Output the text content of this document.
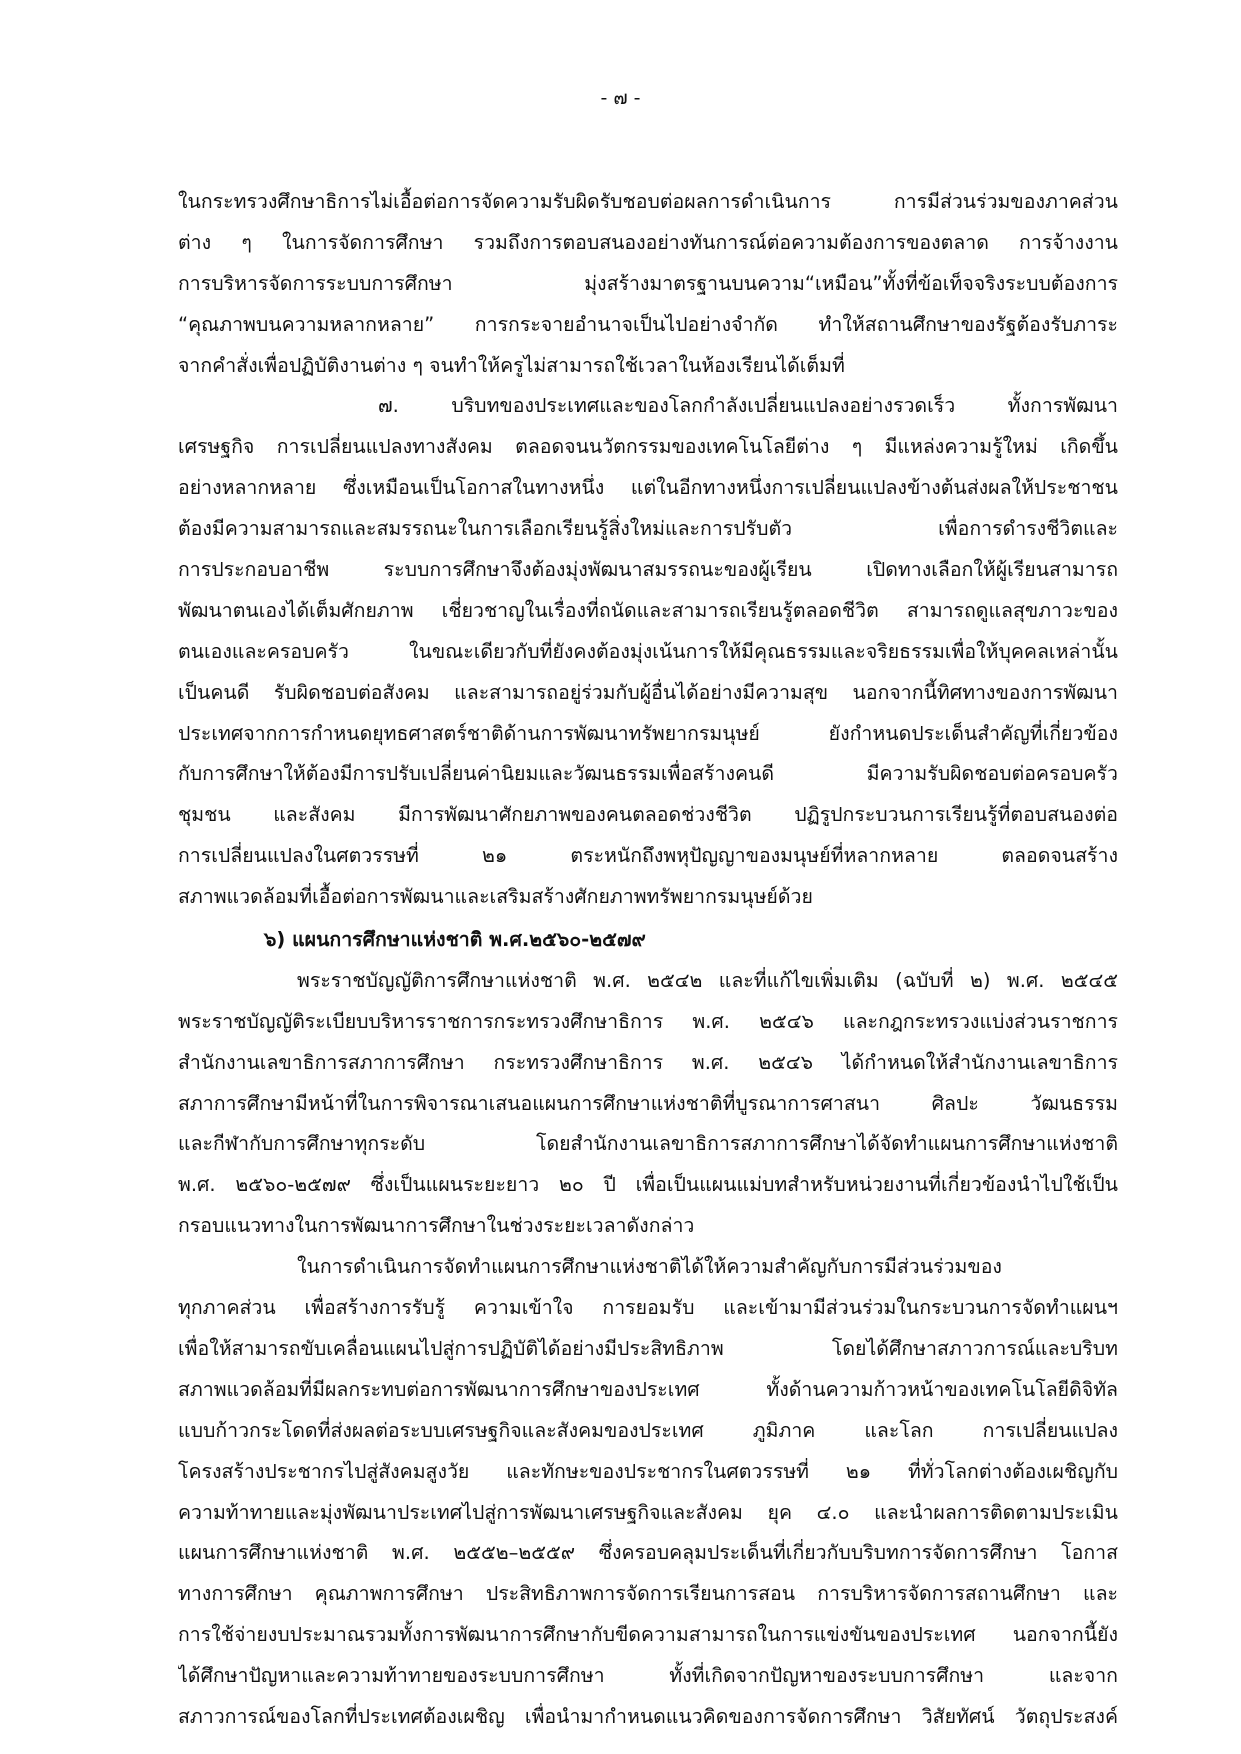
- ๗ -
ในกระทรวงศึกษาธิการไม่เอื้อต่อการจัดความรับผิดรับชอบต่อผลการดำเนินการ การมีส่วนร่วมของภาคส่วน
ต่าง ๆ ในการจัดการศึกษา รวมถึงการตอบสนองอย่างทันการณ์ต่อความต้องการของตลาด การจ้างงาน
การบริหารจัดการระบบการศึกษา มุ่งสร้างมาตรฐานบนความ“เหมือน”ทั้งที่ข้อเท็จจริงระบบต้องการ
“คุณภาพบนความหลากหลาย” การกระจายอำนาจเป็นไปอย่างจำกัด ทำให้สถานศึกษาของรัฐต้องรับภาระ
จากคำสั่งเพื่อปฏิบัติงานต่าง ๆ จนทำให้ครูไม่สามารถใช้เวลาในห้องเรียนได้เต็มที่
๗. บริบทของประเทศและของโลกกำลังเปลี่ยนแปลงอย่างรวดเร็ว ทั้งการพัฒนา
เศรษฐกิจ การเปลี่ยนแปลงทางสังคม ตลอดจนนวัตกรรมของเทคโนโลยีต่าง ๆ มีแหล่งความรู้ใหม่ เกิดขึ้น
อย่างหลากหลาย ซึ่งเหมือนเป็นโอกาสในทางหนึ่ง แต่ในอีกทางหนึ่งการเปลี่ยนแปลงข้างต้นส่งผลให้ประชาชน
ต้องมีความสามารถและสมรรถนะในการเลือกเรียนรู้สิ่งใหม่และการปรับตัว เพื่อการดำรงชีวิตและ
การประกอบอาชีพ ระบบการศึกษาจึงต้องมุ่งพัฒนาสมรรถนะของผู้เรียน เปิดทางเลือกให้ผู้เรียนสามารถ
พัฒนาตนเองได้เต็มศักยภาพ เชี่ยวชาญในเรื่องที่ถนัดและสามารถเรียนรู้ตลอดชีวิต สามารถดูแลสุขภาวะของ
ตนเองและครอบครัว ในขณะเดียวกับที่ยังคงต้องมุ่งเน้นการให้มีคุณธรรมและจริยธรรมเพื่อให้บุคคลเหล่านั้น
เป็นคนดี รับผิดชอบต่อสังคม และสามารถอยู่ร่วมกับผู้อื่นได้อย่างมีความสุข นอกจากนี้ทิศทางของการพัฒนา
ประเทศจากการกำหนดยุทธศาสตร์ชาติด้านการพัฒนาทรัพยากรมนุษย์ ยังกำหนดประเด็นสำคัญที่เกี่ยวข้อง
กับการศึกษาให้ต้องมีการปรับเปลี่ยนค่านิยมและวัฒนธรรมเพื่อสร้างคนดี มีความรับผิดชอบต่อครอบครัว
ชุมชน และสังคม มีการพัฒนาศักยภาพของคนตลอดช่วงชีวิต ปฏิรูปกระบวนการเรียนรู้ที่ตอบสนองต่อ
การเปลี่ยนแปลงในศตวรรษที่ ๒๑ ตระหนักถึงพหุปัญญาของมนุษย์ที่หลากหลาย ตลอดจนสร้าง
สภาพแวดล้อมที่เอื้อต่อการพัฒนาและเสริมสร้างศักยภาพทรัพยากรมนุษย์ด้วย
๖) แผนการศึกษาแห่งชาติ พ.ศ.๒๕๖๐-๒๕๗๙
พระราชบัญญัติการศึกษาแห่งชาติ พ.ศ. ๒๕๔๒ และที่แก้ไขเพิ่มเติม (ฉบับที่ ๒) พ.ศ. ๒๕๔๕
พระราชบัญญัติระเบียบบริหารราชการกระทรวงศึกษาธิการ พ.ศ. ๒๕๔๖ และกฎกระทรวงแบ่งส่วนราชการ
สำนักงานเลขาธิการสภาการศึกษา กระทรวงศึกษาธิการ พ.ศ. ๒๕๔๖ ได้กำหนดให้สำนักงานเลขาธิการ
สภาการศึกษามีหน้าที่ในการพิจารณาเสนอแผนการศึกษาแห่งชาติที่บูรณาการศาสนา ศิลปะ วัฒนธรรม
และกีฬากับการศึกษาทุกระดับ โดยสำนักงานเลขาธิการสภาการศึกษาได้จัดทำแผนการศึกษาแห่งชาติ
พ.ศ. ๒๕๖๐-๒๕๗๙ ซึ่งเป็นแผนระยะยาว ๒๐ ปี เพื่อเป็นแผนแม่บทสำหรับหน่วยงานที่เกี่ยวข้องนำไปใช้เป็น
กรอบแนวทางในการพัฒนาการศึกษาในช่วงระยะเวลาดังกล่าว
ในการดำเนินการจัดทำแผนการศึกษาแห่งชาติได้ให้ความสำคัญกับการมีส่วนร่วมของ
ทุกภาคส่วน เพื่อสร้างการรับรู้ ความเข้าใจ การยอมรับ และเข้ามามีส่วนร่วมในกระบวนการจัดทำแผนฯ
เพื่อให้สามารถขับเคลื่อนแผนไปสู่การปฏิบัติได้อย่างมีประสิทธิภาพ โดยได้ศึกษาสภาวการณ์และบริบท
สภาพแวดล้อมที่มีผลกระทบต่อการพัฒนาการศึกษาของประเทศ ทั้งด้านความก้าวหน้าของเทคโนโลยีดิจิทัล
แบบก้าวกระโดดที่ส่งผลต่อระบบเศรษฐกิจและสังคมของประเทศ ภูมิภาค และโลก การเปลี่ยนแปลง
โครงสร้างประชากรไปสู่สังคมสูงวัย และทักษะของประชากรในศตวรรษที่ ๒๑ ที่ทั่วโลกต่างต้องเผชิญกับ
ความท้าทายและมุ่งพัฒนาประเทศไปสู่การพัฒนาเศรษฐกิจและสังคม ยุค ๔.๐ และนำผลการติดตามประเมิน
แผนการศึกษาแห่งชาติ พ.ศ. ๒๕๕๒–๒๕๕๙ ซึ่งครอบคลุมประเด็นที่เกี่ยวกับบริบทการจัดการศึกษา โอกาส
ทางการศึกษา คุณภาพการศึกษา ประสิทธิภาพการจัดการเรียนการสอน การบริหารจัดการสถานศึกษา และ
การใช้จ่ายงบประมาณรวมทั้งการพัฒนาการศึกษากับขีดความสามารถในการแข่งขันของประเทศ นอกจากนี้ยัง
ได้ศึกษาปัญหาและความท้าทายของระบบการศึกษา ทั้งที่เกิดจากปัญหาของระบบการศึกษา และจาก
สภาวการณ์ของโลกที่ประเทศต้องเผชิญ เพื่อนำมากำหนดแนวคิดของการจัดการศึกษา วิสัยทัศน์ วัตถุประสงค์
